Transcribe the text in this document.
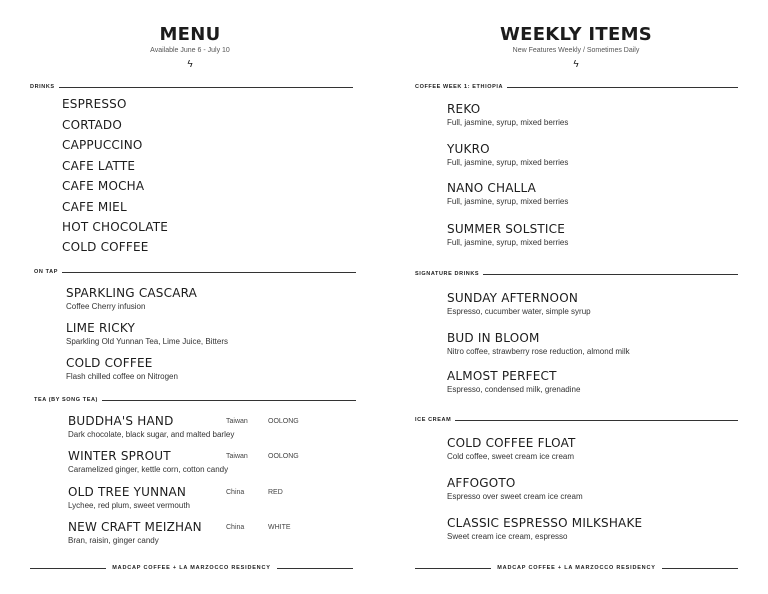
MENU
Available June 6 - July 10
ϟ
DRINKS
ESPRESSO
CORTADO
CAPPUCCINO
CAFE LATTE
CAFE MOCHA
CAFE MIEL
HOT CHOCOLATE
COLD COFFEE
ON TAP
SPARKLING CASCARA
Coffee Cherry infusion
LIME RICKY
Sparkling Old Yunnan Tea, Lime Juice, Bitters
COLD COFFEE
Flash chilled coffee on Nitrogen
TEA (BY SONG TEA)
BUDDHA'S HAND
Dark chocolate, black sugar, and malted barley
Taiwan	OOLONG
WINTER SPROUT
Caramelized ginger, kettle corn, cotton candy
Taiwan	OOLONG
OLD TREE YUNNAN
Lychee, red plum, sweet vermouth
China	RED
NEW CRAFT MEIZHAN
Bran, raisin, ginger candy
China	WHITE
MADCAP COFFEE + LA MARZOCCO RESIDENCY
WEEKLY ITEMS
New Features Weekly / Sometimes Daily
ϟ
COFFEE WEEK 1: ETHIOPIA
REKO
Full, jasmine, syrup, mixed berries
YUKRO
Full, jasmine, syrup, mixed berries
NANO CHALLA
Full, jasmine, syrup, mixed berries
SUMMER SOLSTICE
Full, jasmine, syrup, mixed berries
SIGNATURE DRINKS
SUNDAY AFTERNOON
Espresso, cucumber water, simple syrup
BUD IN BLOOM
Nitro coffee, strawberry rose reduction, almond milk
ALMOST PERFECT
Espresso, condensed milk, grenadine
ICE CREAM
COLD COFFEE FLOAT
Cold coffee, sweet cream ice cream
AFFOGOTO
Espresso over sweet cream ice cream
CLASSIC ESPRESSO MILKSHAKE
Sweet cream ice cream, espresso
MADCAP COFFEE + LA MARZOCCO RESIDENCY
